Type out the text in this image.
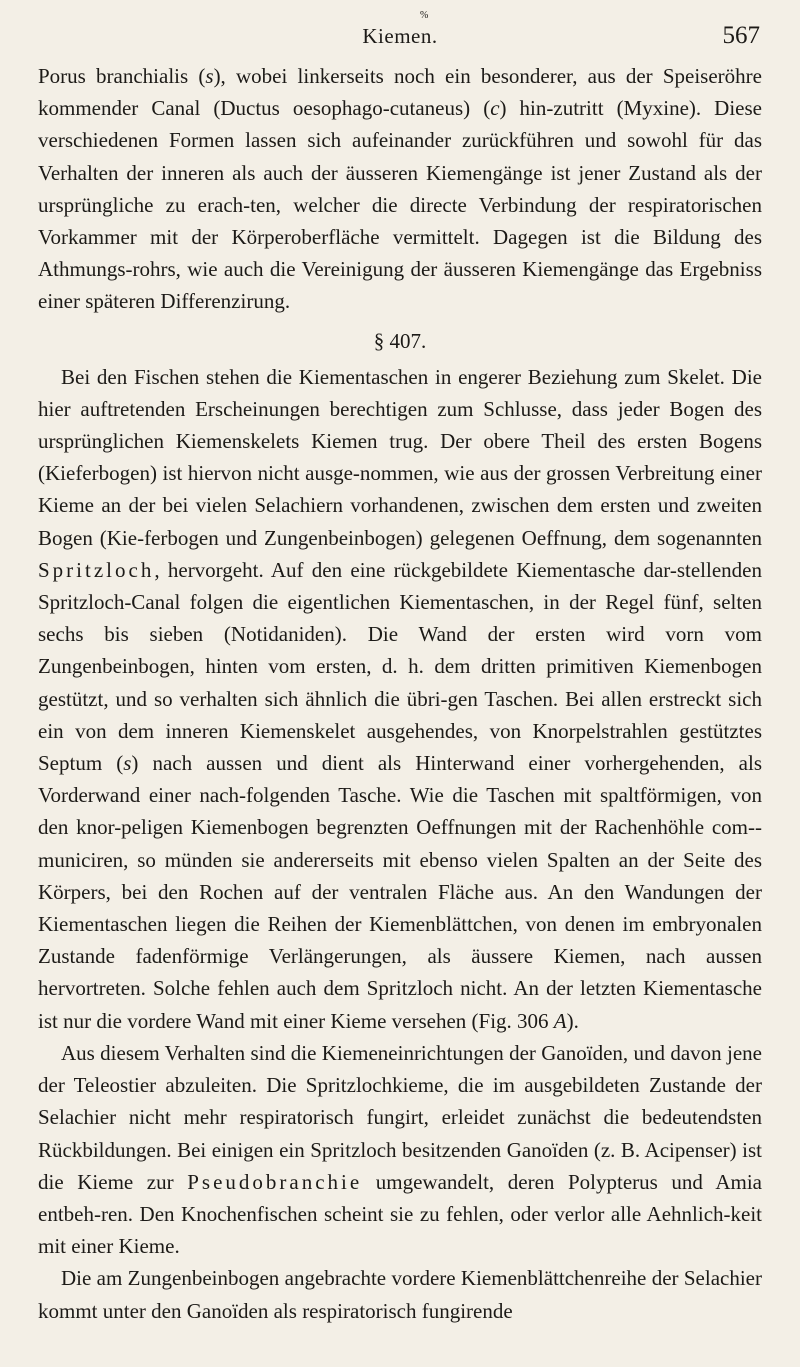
%
Kiemen.	567

Porus branchialis (s), wobei linkerseits noch ein besonderer, aus der Speiseröhre kommender Canal (Ductus oesophago-cutaneus) (c) hin-zutritt (Myxine). Diese verschiedenen Formen lassen sich aufeinander zurückführen und sowohl für das Verhalten der inneren als auch der äusseren Kiemengänge ist jener Zustand als der ursprüngliche zu erach-ten, welcher die directe Verbindung der respiratorischen Vorkammer mit der Körperoberfläche vermittelt. Dagegen ist die Bildung des Athmungs-rohrs, wie auch die Vereinigung der äusseren Kiemengänge das Ergebniss einer späteren Differenzirung.

§ 407.

Bei den Fischen stehen die Kiementaschen in engerer Beziehung zum Skelet. Die hier auftretenden Erscheinungen berechtigen zum Schlusse, dass jeder Bogen des ursprünglichen Kiemenskelets Kiemen trug. Der obere Theil des ersten Bogens (Kieferbogen) ist hiervon nicht ausge-nommen, wie aus der grossen Verbreitung einer Kieme an der bei vielen Selachiern vorhandenen, zwischen dem ersten und zweiten Bogen (Kie-ferbogen und Zungenbeinbogen) gelegenen Oeffnung, dem sogenannten Spritzloch, hervorgeht. Auf den eine rückgebildete Kiementasche dar-stellenden Spritzloch-Canal folgen die eigentlichen Kiementaschen, in der Regel fünf, selten sechs bis sieben (Notidaniden). Die Wand der ersten wird vorn vom Zungenbeinbogen, hinten vom ersten, d. h. dem dritten primitiven Kiemenbogen gestützt, und so verhalten sich ähnlich die übri-gen Taschen. Bei allen erstreckt sich ein von dem inneren Kiemenskelet ausgehendes, von Knorpelstrahlen gestütztes Septum (s) nach aussen und dient als Hinterwand einer vorhergehenden, als Vorderwand einer nach-folgenden Tasche. Wie die Taschen mit spaltförmigen, von den knor-peligen Kiemenbogen begrenzten Oeffnungen mit der Rachenhöhle com-municiren, so münden sie andererseits mit ebenso vielen Spalten an der Seite des Körpers, bei den Rochen auf der ventralen Fläche aus. An den Wandungen der Kiementaschen liegen die Reihen der Kiemenblättchen, von denen im embryonalen Zustande fadenförmige Verlängerungen, als äussere Kiemen, nach aussen hervortreten. Solche fehlen auch dem Spritzloch nicht. An der letzten Kiementasche ist nur die vordere Wand mit einer Kieme versehen (Fig. 306 A).

Aus diesem Verhalten sind die Kiemeneinrichtungen der Ganoïden, und davon jene der Teleostier abzuleiten. Die Spritzlochkieme, die im ausgebildeten Zustande der Selachier nicht mehr respiratorisch fungirt, erleidet zunächst die bedeutendsten Rückbildungen. Bei einigen ein Spritzloch besitzenden Ganoïden (z. B. Acipenser) ist die Kieme zur Pseudobranchie umgewandelt, deren Polypterus und Amia entbeh-ren. Den Knochenfischen scheint sie zu fehlen, oder verlor alle Aehnlich-keit mit einer Kieme.

Die am Zungenbeinbogen angebrachte vordere Kiemenblättchenreihe der Selachier kommt unter den Ganoïden als respiratorisch fungirende
